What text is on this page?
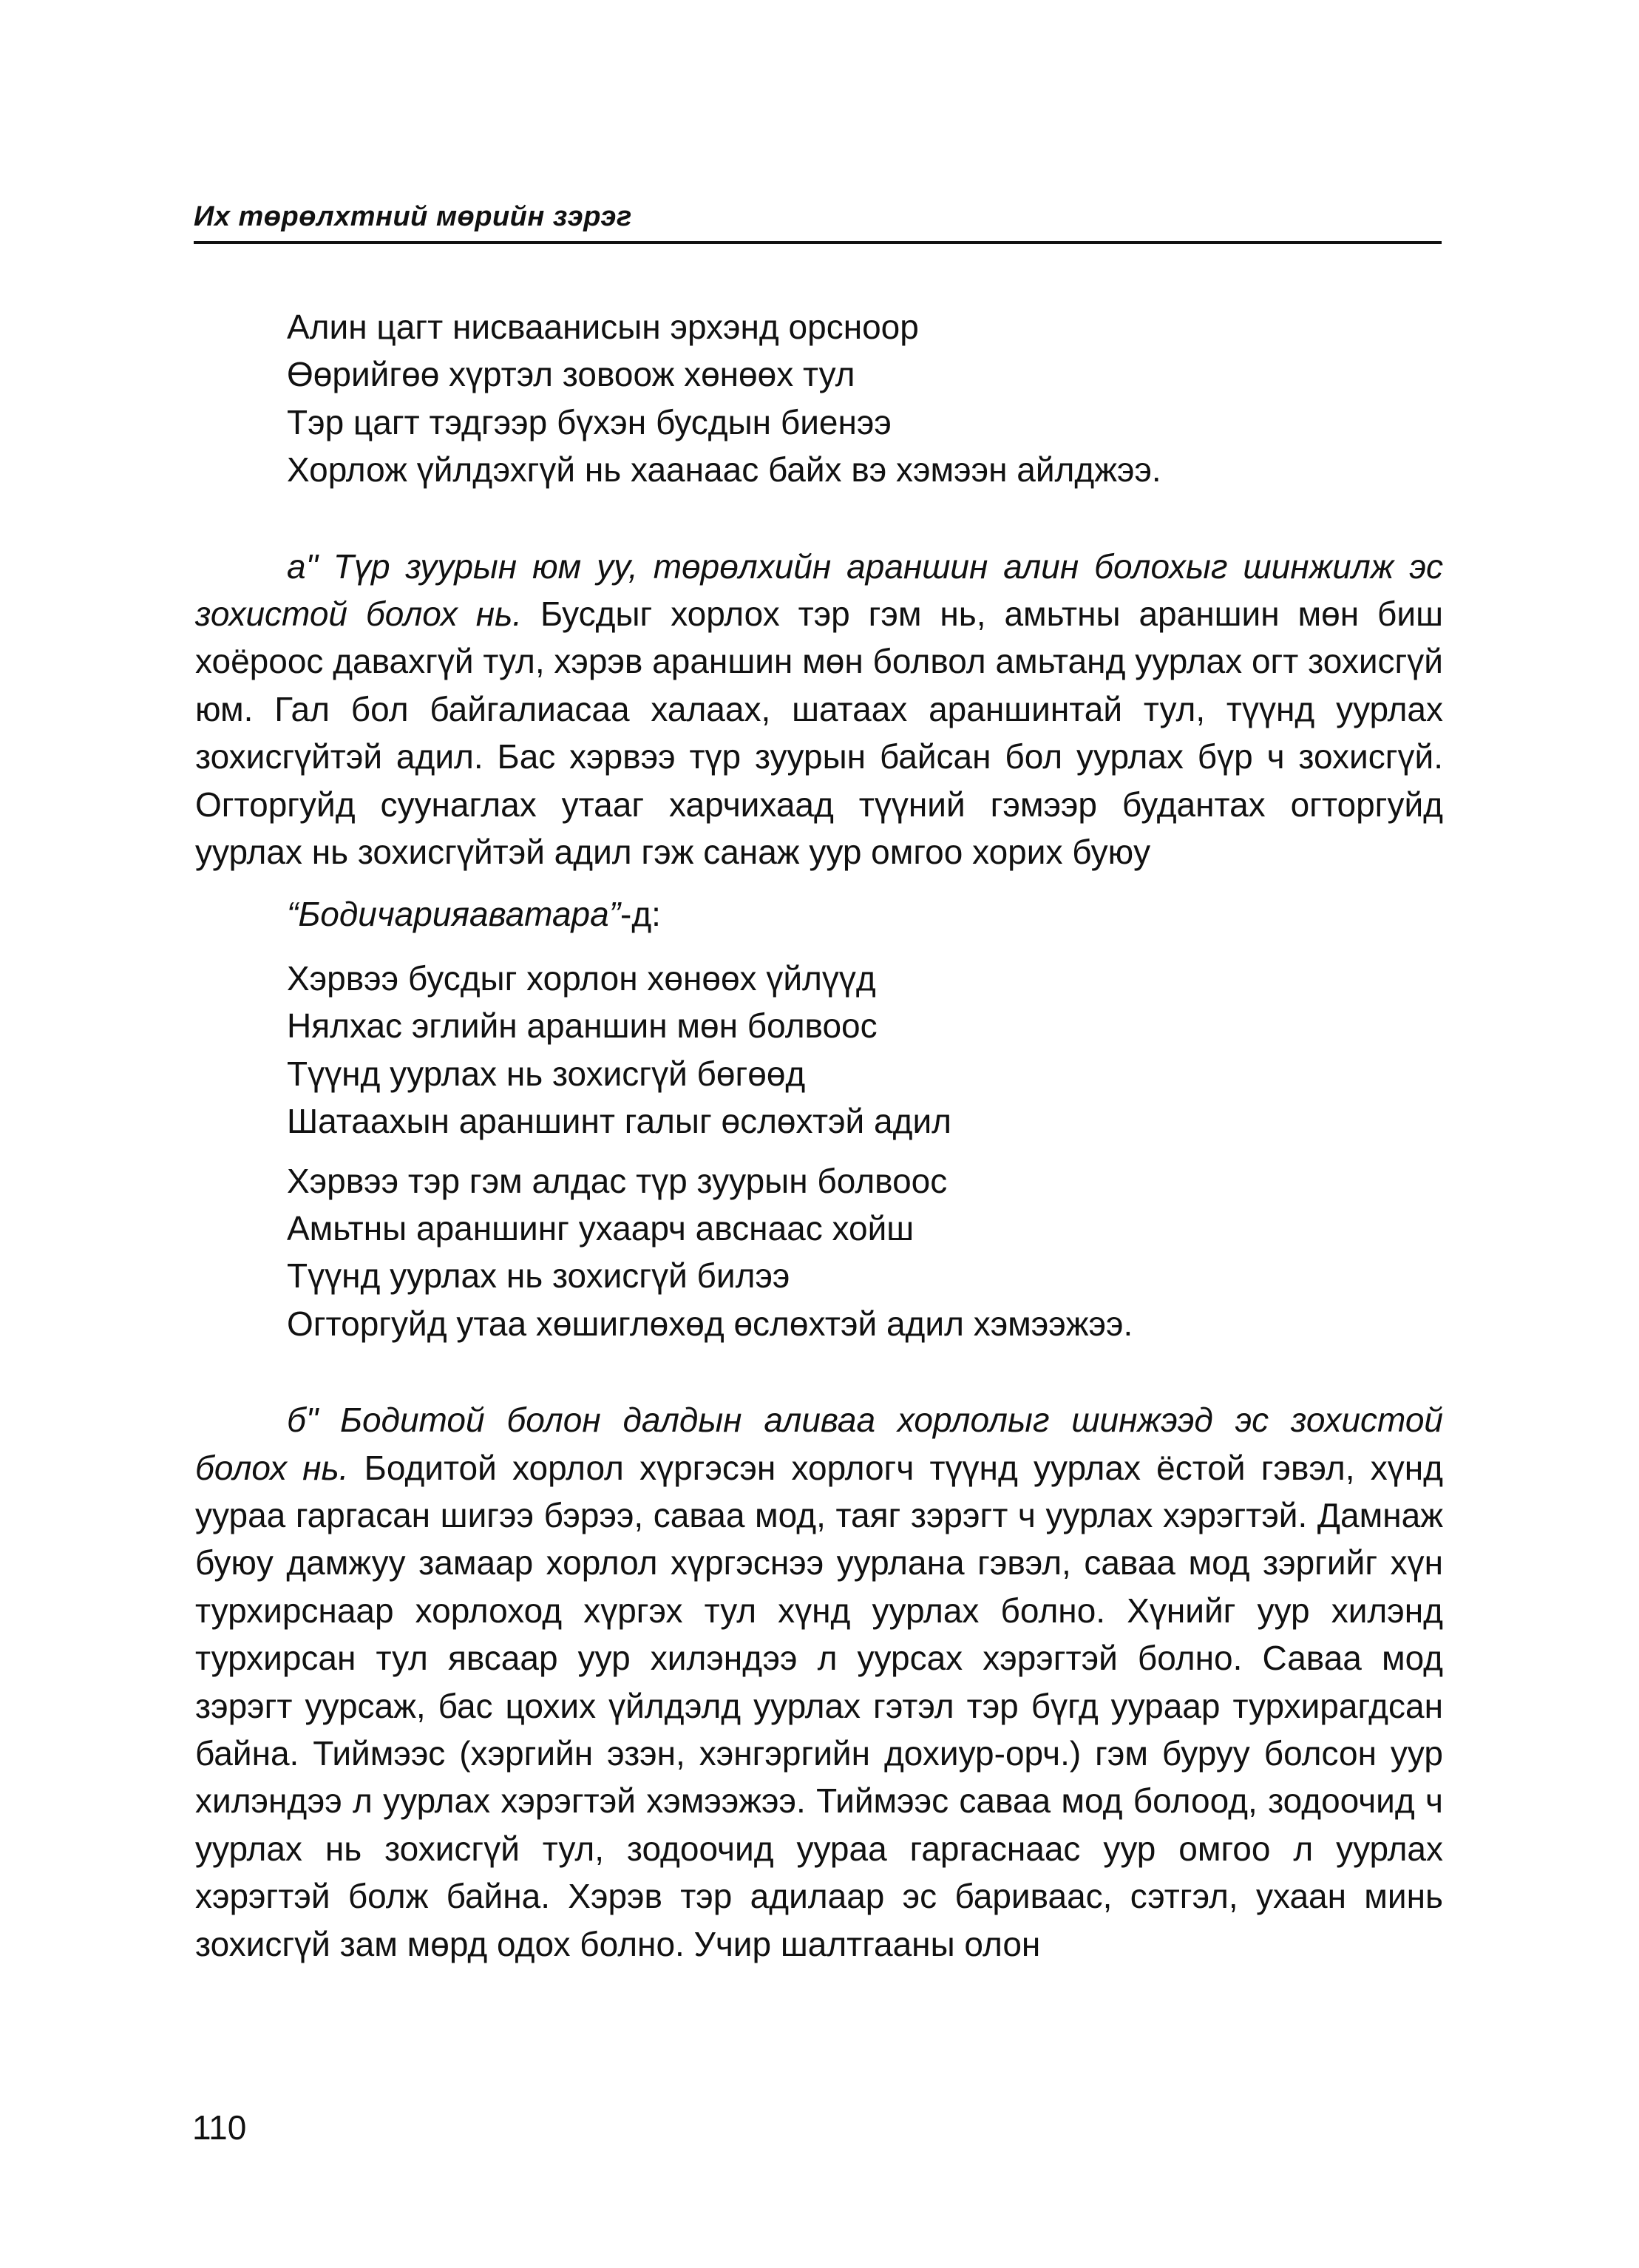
Их төрөлхтний мөрийн зэрэг
Алин цагт нисваанисын эрхэнд орсноор
Өөрийгөө хүртэл зовоож хөнөөх тул
Тэр цагт тэдгээр бүхэн бусдын биенээ
Хорлож үйлдэхгүй нь хаанаас байх вэ хэмээн айлджээ.

а" Түр зуурын юм уу, төрөлхийн араншин алин болохыг шинжилж эс зохистой болох нь. Бусдыг хорлох тэр гэм нь, амьтны араншин мөн биш хоёроос давахгүй тул, хэрэв араншин мөн болвол амьтанд уурлах огт зохисгүй юм. Гал бол байгалиасаа халаах, шатаах араншинтай тул, түүнд уурлах зохисгүйтэй адил. Бас хэрвээ түр зуурын байсан бол уурлах бүр ч зохисгүй. Огторгуйд суунаглах утааг харчихаад түүний гэмээр будантах огторгуйд уурлах нь зохисгүйтэй адил гэж санаж уур омгоо хорих буюу

“Бодичарияаватара”-д:

Хэрвээ бусдыг хорлон хөнөөх үйлүүд
Нялхас эглийн араншин мөн болвоос
Түүнд уурлах нь зохисгүй бөгөөд
Шатаахын араншинт галыг өслөхтэй адил
Хэрвээ тэр гэм алдас түр зуурын болвоос
Амьтны араншинг ухаарч авснаас хойш
Түүнд уурлах нь зохисгүй билээ
Огторгуйд утаа хөшиглөхөд өслөхтэй адил хэмээжээ.

б" Бодитой болон далдын аливаа хорлолыг шинжээд эс зохистой болох нь. Бодитой хорлол хүргэсэн хорлогч түүнд уурлах ёстой гэвэл, хүнд уураа гаргасан шигээ бэрээ, саваа мод, таяг зэрэгт ч уурлах хэрэгтэй. Дамнаж буюу дамжуу замаар хорлол хүргэснээ уурлана гэвэл, саваа мод зэргийг хүн турхирснаар хорлоход хүргэх тул хүнд уурлах болно. Хүнийг уур хилэнд турхирсан тул явсаар уур хилэндээ л уурсах хэрэгтэй болно. Саваа мод зэрэгт уурсаж, бас цохих үйлдэлд уурлах гэтэл тэр бүгд уураар турхирагдсан байна. Тиймээс (хэргийн эзэн, хэнгэргийн дохиур-орч.) гэм буруу болсон уур хилэндээ л уурлах хэрэгтэй хэмээжээ. Тиймээс саваа мод болоод, зодоочид ч уурлах нь зохисгүй тул, зодоочид уураа гаргаснаас уур омгоо л уурлах хэрэгтэй болж байна. Хэрэв тэр адилаар эс бариваас, сэтгэл, ухаан минь зохисгүй зам мөрд одох болно. Учир шалтгааны олон

110
